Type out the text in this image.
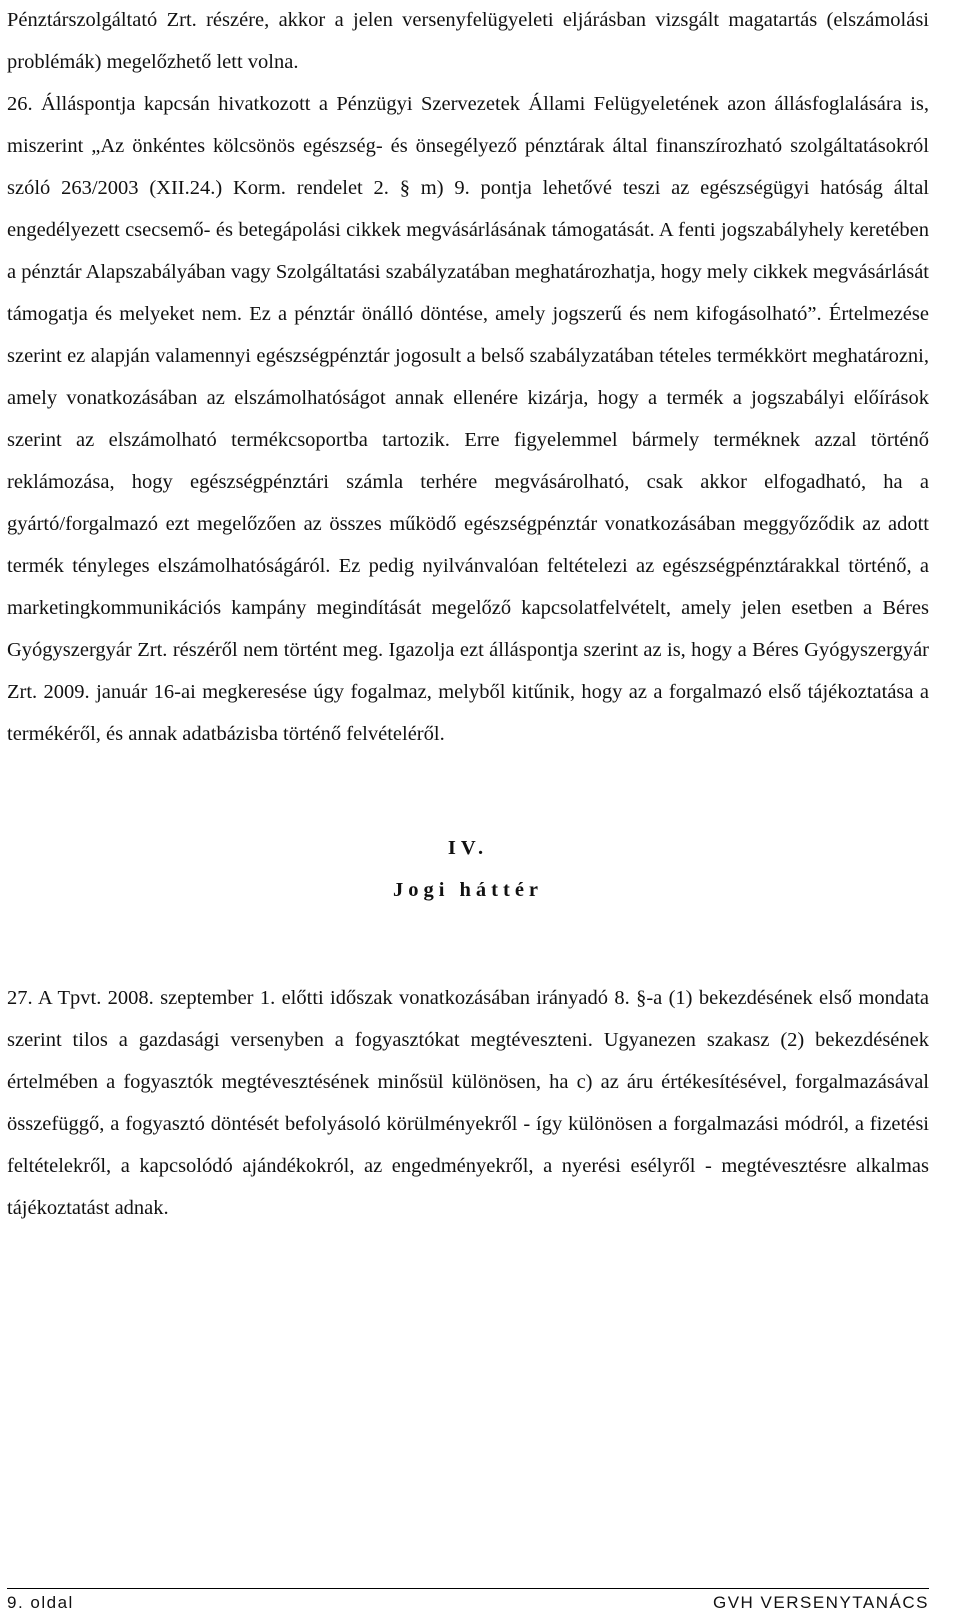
Pénztárszolgáltató Zrt. részére, akkor a jelen versenyfelügyeleti eljárásban vizsgált magatartás (elszámolási problémák) megelőzhető lett volna.

26. Álláspontja kapcsán hivatkozott a Pénzügyi Szervezetek Állami Felügyeletének azon állásfoglalására is, miszerint „Az önkéntes kölcsönös egészség- és önsegélyező pénztárak által finanszírozható szolgáltatásokról szóló 263/2003 (XII.24.) Korm. rendelet 2. § m) 9. pontja lehetővé teszi az egészségügyi hatóság által engedélyezett csecsemő- és betegápolási cikkek megvásárlásának támogatását. A fenti jogszabályhely keretében a pénztár Alapszabályában vagy Szolgáltatási szabályzatában meghatározhatja, hogy mely cikkek megvásárlását támogatja és melyeket nem. Ez a pénztár önálló döntése, amely jogszerű és nem kifogásolható”. Értelmezése szerint ez alapján valamennyi egészségpénztár jogosult a belső szabályzatában tételes termékkört meghatározni, amely vonatkozásában az elszámolhatóságot annak ellenére kizárja, hogy a termék a jogszabályi előírások szerint az elszámolható termékcsoportba tartozik. Erre figyelemmel bármely terméknek azzal történő reklámozása, hogy egészségpénztári számla terhére megvásárolható, csak akkor elfogadható, ha a gyártó/forgalmazó ezt megelőzően az összes működő egészségpénztár vonatkozásában meggyőződik az adott termék tényleges elszámolhatóságáról. Ez pedig nyilvánvalóan feltételezi az egészségpénztárakkal történő, a marketingkommunikációs kampány megindítását megelőző kapcsolatfelvételt, amely jelen esetben a Béres Gyógyszergyár Zrt. részéről nem történt meg. Igazolja ezt álláspontja szerint az is, hogy a Béres Gyógyszergyár Zrt. 2009. január 16-ai megkeresése úgy fogalmaz, melyből kitűnik, hogy az a forgalmazó első tájékoztatása a termékéről, és annak adatbázisba történő felvételéről.

IV.

Jogi háttér

27. A Tpvt. 2008. szeptember 1. előtti időszak vonatkozásában irányadó 8. §-a (1) bekezdésének első mondata szerint tilos a gazdasági versenyben a fogyasztókat megtéveszteni. Ugyanezen szakasz (2) bekezdésének értelmében a fogyasztók megtévesztésének minősül különösen, ha c) az áru értékesítésével, forgalmazásával összefüggő, a fogyasztó döntését befolyásoló körülményekről - így különösen a forgalmazási módról, a fizetési feltételekről, a kapcsolódó ajándékokról, az engedményekről, a nyerési esélyről - megtévesztésre alkalmas tájékoztatást adnak.

9. oldal	GVH VERSENYTANÁCS
